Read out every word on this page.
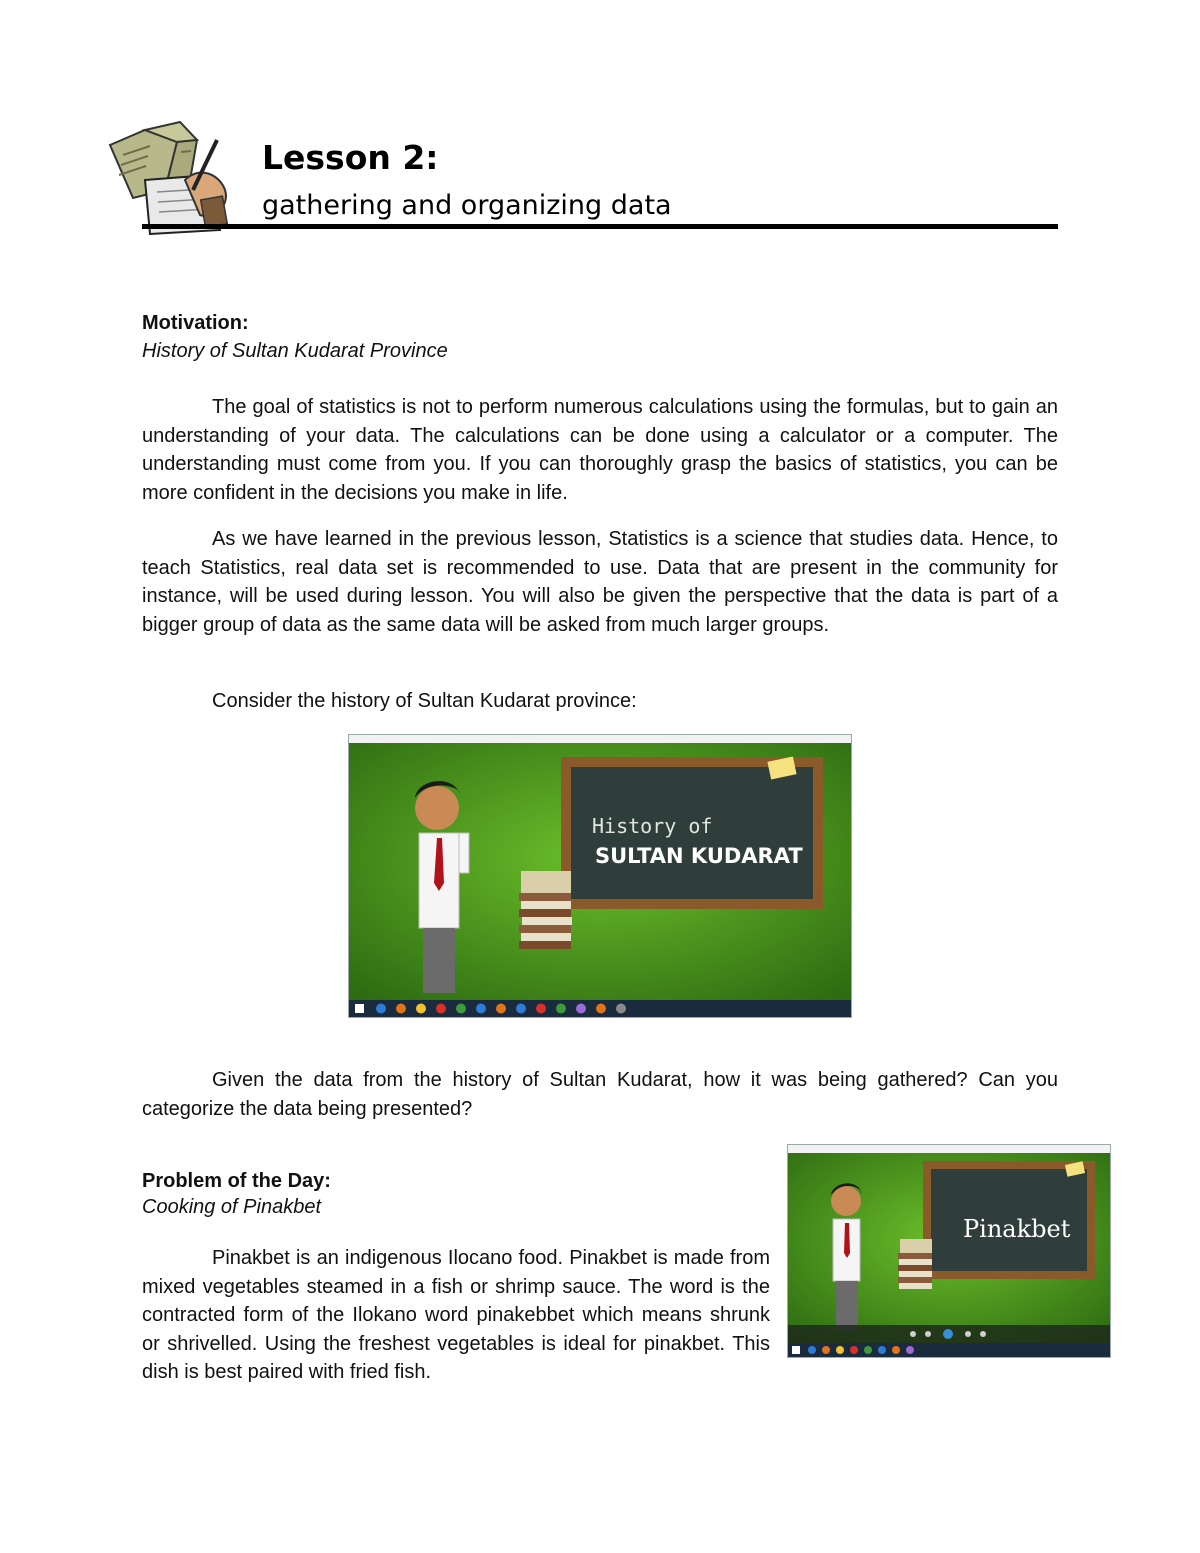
Lesson 2:
gathering and organizing data
Motivation:
History of Sultan Kudarat Province
The goal of statistics is not to perform numerous calculations using the formulas, but to gain an understanding of your data. The calculations can be done using a calculator or a computer. The understanding must come from you. If you can thoroughly grasp the basics of statistics, you can be more confident in the decisions you make in life.
As we have learned in the previous lesson, Statistics is a science that studies data. Hence, to teach Statistics, real data set is recommended to use. Data that are present in the community for instance, will be used during lesson. You will also be given the perspective that the data is part of a bigger group of data as the same data will be asked from much larger groups.
Consider the history of Sultan Kudarat province:
History of
SULTAN KUDARAT
Given the data from the history of Sultan Kudarat, how it was being gathered? Can you categorize the data being presented?
Problem of the Day:
Cooking of Pinakbet
Pinakbet is an indigenous Ilocano food. Pinakbet is made from mixed vegetables steamed in a fish or shrimp sauce. The word is the contracted form of the Ilokano word pinakebbet which means shrunk or shrivelled. Using the freshest vegetables is ideal for pinakbet. This dish is best paired with fried fish.
Pinakbet
